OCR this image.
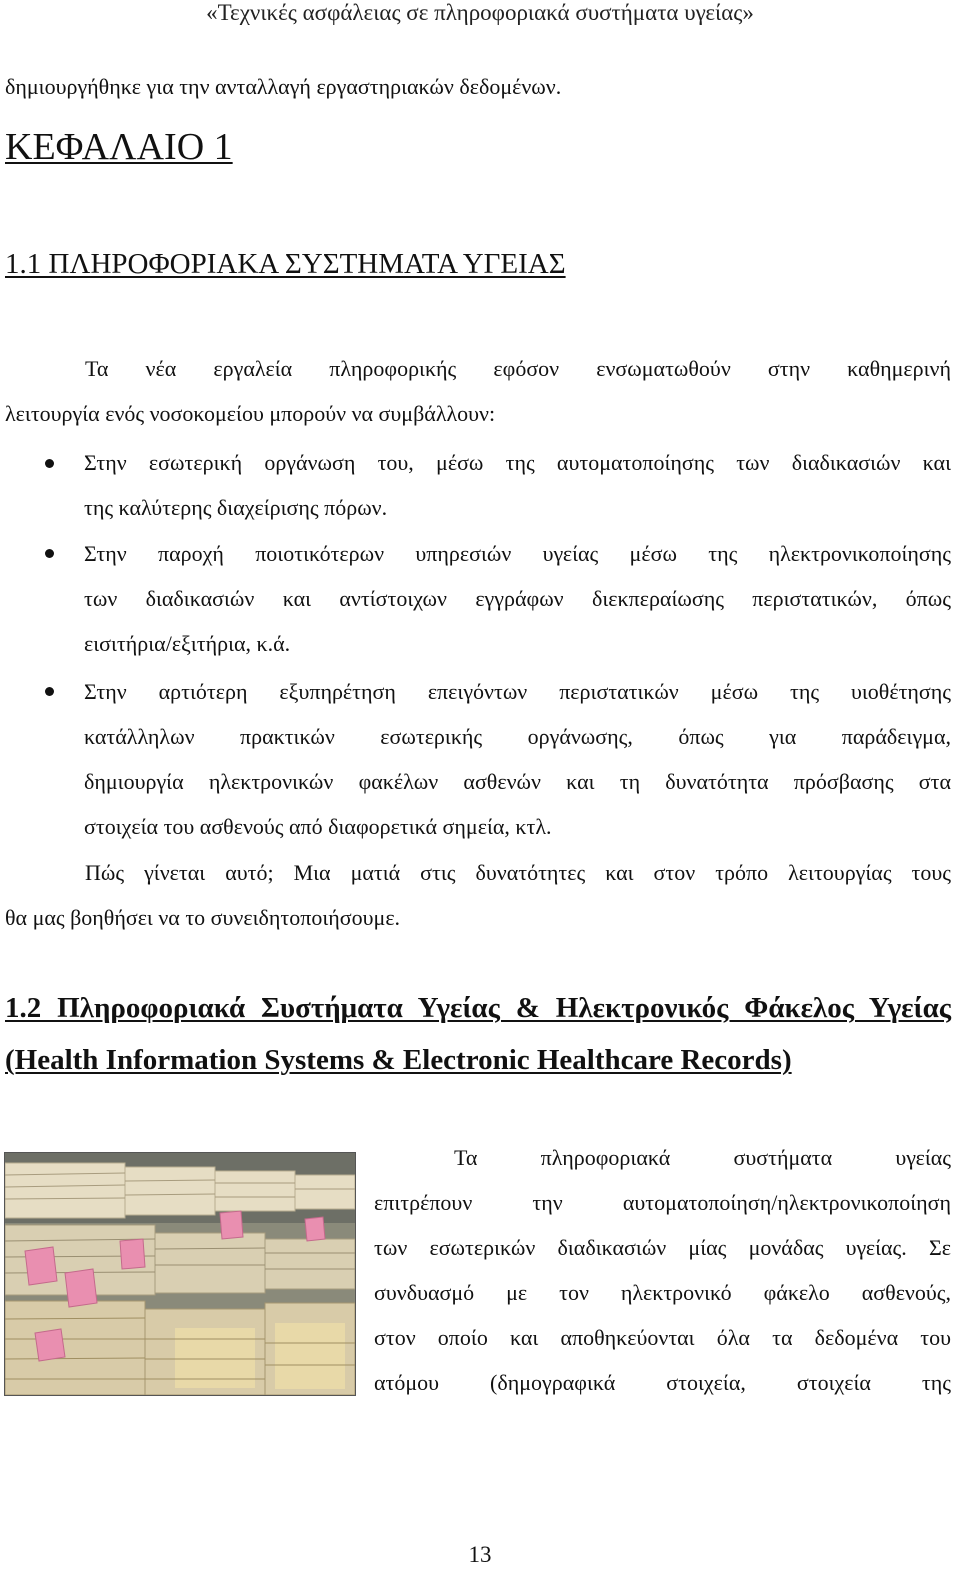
«Τεχνικές ασφάλειας σε πληροφοριακά συστήματα υγείας»

δημιουργήθηκε για την ανταλλαγή εργαστηριακών δεδομένων.

ΚΕΦΑΛΑΙΟ 1
1.1 ΠΛΗΡΟΦΟΡΙΑΚΑ ΣΥΣΤΗΜΑΤΑ ΥΓΕΙΑΣ
Τα νέα εργαλεία πληροφορικής εφόσον ενσωματωθούν στην καθημερινή
λειτουργία ενός νοσοκομείου μπορούν να συμβάλλουν:
Στην εσωτερική οργάνωση του, μέσω της αυτοματοποίησης των διαδικασιών και
της καλύτερης διαχείρισης πόρων.
Στην παροχή ποιοτικότερων υπηρεσιών υγείας μέσω της ηλεκτρονικοποίησης
των διαδικασιών και αντίστοιχων εγγράφων διεκπεραίωσης περιστατικών, όπως
εισιτήρια/εξιτήρια, κ.ά.
Στην αρτιότερη εξυπηρέτηση επειγόντων περιστατικών μέσω της υιοθέτησης
κατάλληλων πρακτικών εσωτερικής οργάνωσης, όπως για παράδειγμα,
δημιουργία ηλεκτρονικών φακέλων ασθενών και τη δυνατότητα πρόσβασης στα
στοιχεία του ασθενούς από διαφορετικά σημεία, κτλ.
Πώς γίνεται αυτό; Μια ματιά στις δυνατότητες και στον τρόπο λειτουργίας τους
θα μας βοηθήσει να το συνειδητοποιήσουμε.
1.2 Πληροφοριακά Συστήματα Υγείας & Ηλεκτρονικός Φάκελος Υγείας
(Health Information Systems & Electronic Healthcare Records)
Τα πληροφοριακά συστήματα υγείας
επιτρέπουν την αυτοματοποίηση/ηλεκτρονικοποίηση
των εσωτερικών διαδικασιών μίας μονάδας υγείας. Σε
συνδυασμό με τον ηλεκτρονικό φάκελο ασθενούς,
στον οποίο και αποθηκεύονται όλα τα δεδομένα του
ατόμου (δημογραφικά στοιχεία, στοιχεία της
13
